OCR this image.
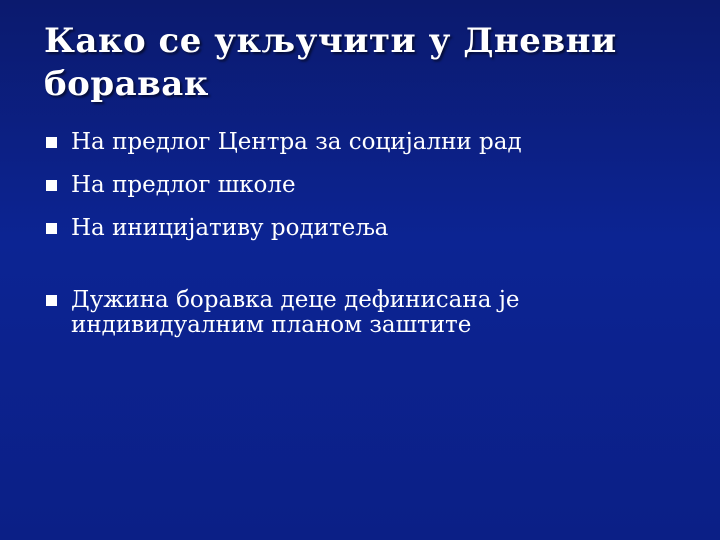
Како се укључити у Дневни боравак
На предлог Центра за социјални рад
На предлог школе
На иницијативу родитеља
Дужина боравка деце дефинисана је индивидуалним планом заштите
